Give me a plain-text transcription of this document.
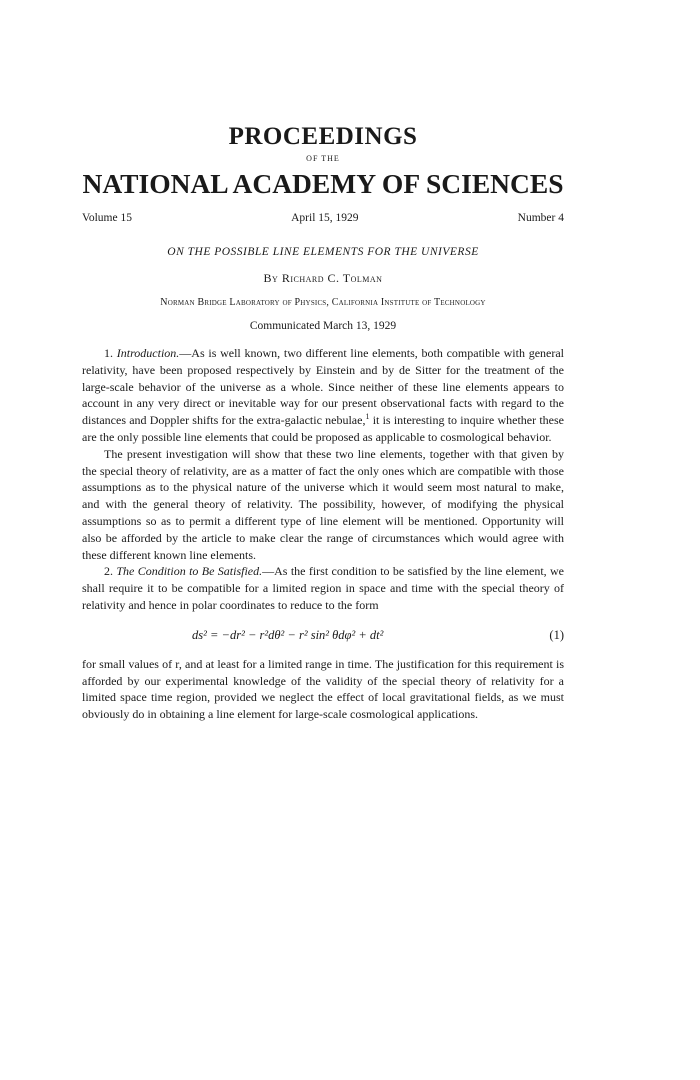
PROCEEDINGS
OF THE
NATIONAL ACADEMY OF SCIENCES
Volume 15	April 15, 1929	Number 4
ON THE POSSIBLE LINE ELEMENTS FOR THE UNIVERSE
By Richard C. Tolman
Norman Bridge Laboratory of Physics, California Institute of Technology
Communicated March 13, 1929

1. Introduction.—As is well known, two different line elements, both compatible with general relativity, have been proposed respectively by Einstein and by de Sitter for the treatment of the large-scale behavior of the universe as a whole. Since neither of these line elements appears to account in any very direct or inevitable way for our present observational facts with regard to the distances and Doppler shifts for the extra-galactic nebulae,$^1$ it is interesting to inquire whether these are the only possible line elements that could be proposed as applicable to cosmological behavior.

The present investigation will show that these two line elements, together with that given by the special theory of relativity, are as a matter of fact the only ones which are compatible with those assumptions as to the physical nature of the universe which it would seem most natural to make, and with the general theory of relativity. The possibility, however, of modifying the physical assumptions so as to permit a different type of line element will be mentioned. Opportunity will also be afforded by the article to make clear the range of circumstances which would agree with these different known line elements.

2. The Condition to Be Satisfied.—As the first condition to be satisfied by the line element, we shall require it to be compatible for a limited region in space and time with the special theory of relativity and hence in polar coordinates to reduce to the form

ds² = −dr² − r²dθ² − r² sin² θdφ² + dt²	(1)

for small values of r, and at least for a limited range in time. The justification for this requirement is afforded by our experimental knowledge of the validity of the special theory of relativity for a limited space time region, provided we neglect the effect of local gravitational fields, as we must obviously do in obtaining a line element for large-scale cosmological applications.
